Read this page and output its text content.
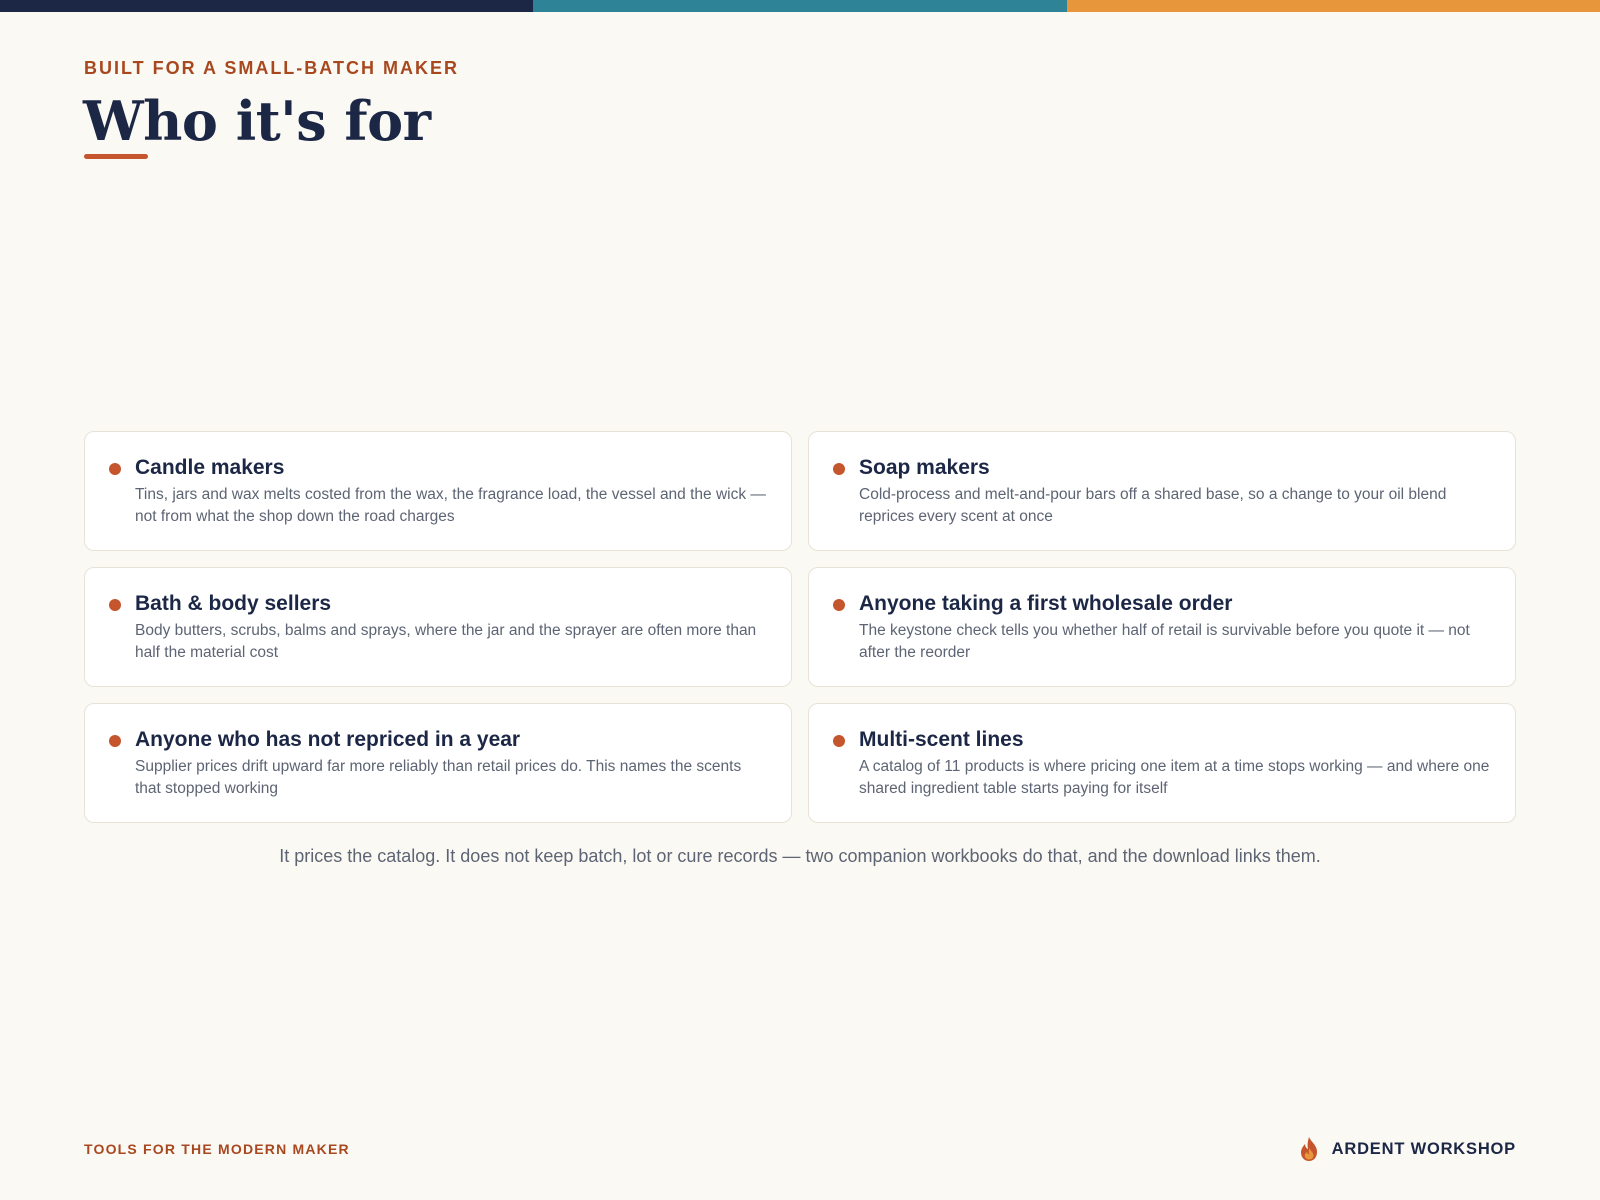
BUILT FOR A SMALL-BATCH MAKER
Who it's for
Candle makers
Tins, jars and wax melts costed from the wax, the fragrance load, the vessel and the wick — not from what the shop down the road charges
Soap makers
Cold-process and melt-and-pour bars off a shared base, so a change to your oil blend reprices every scent at once
Bath & body sellers
Body butters, scrubs, balms and sprays, where the jar and the sprayer are often more than half the material cost
Anyone taking a first wholesale order
The keystone check tells you whether half of retail is survivable before you quote it — not after the reorder
Anyone who has not repriced in a year
Supplier prices drift upward far more reliably than retail prices do. This names the scents that stopped working
Multi-scent lines
A catalog of 11 products is where pricing one item at a time stops working — and where one shared ingredient table starts paying for itself

It prices the catalog. It does not keep batch, lot or cure records — two companion workbooks do that, and the download links them.

TOOLS FOR THE MODERN MAKER	ARDENT WORKSHOP
